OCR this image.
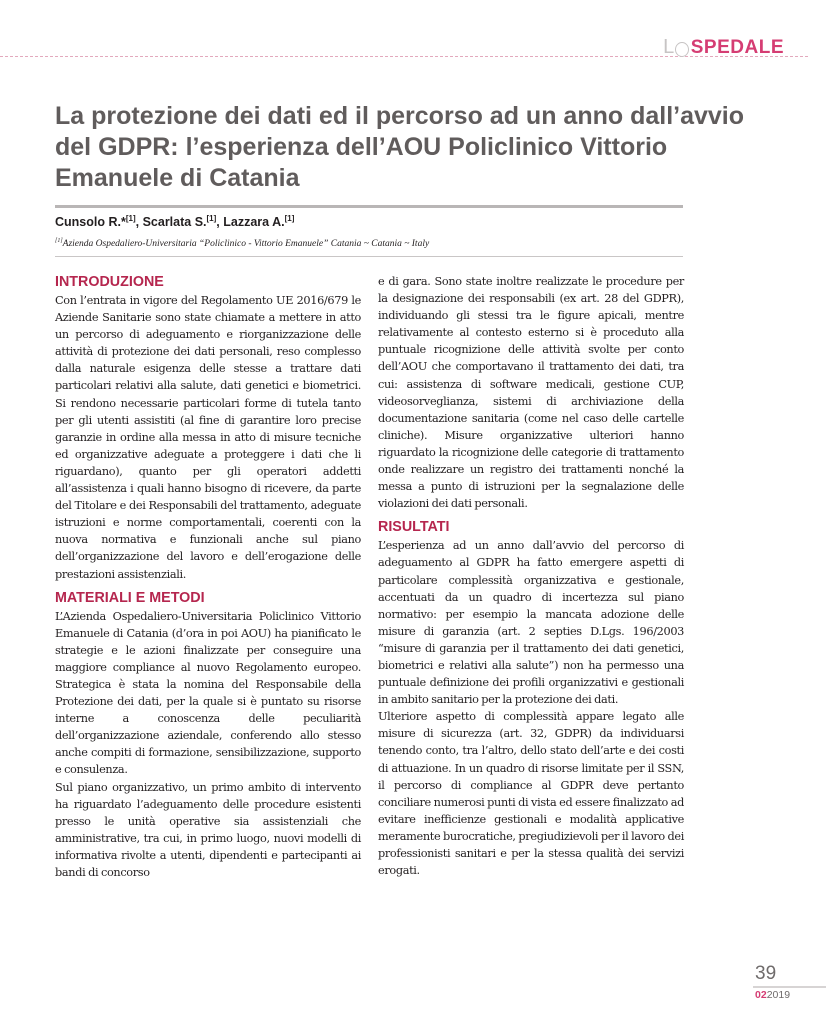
L SPEDALE
La protezione dei dati ed il percorso ad un anno dall’avvio del GDPR: l’esperienza dell’AOU Policlinico Vittorio Emanuele di Catania
Cunsolo R.*[1], Scarlata S.[1], Lazzara A.[1]
[1]Azienda Ospedaliero-Universitaria “Policlinico - Vittorio Emanuele” Catania ~ Catania ~ Italy
INTRODUZIONE

Con l’entrata in vigore del Regolamento UE 2016/679 le Aziende Sanitarie sono state chiamate a mettere in atto un percorso di adeguamento e riorganizzazione delle attività di protezione dei dati personali, reso complesso dalla naturale esigenza delle stesse a trattare dati particolari relativi alla salute, dati genetici e biometrici. Si rendono necessarie particolari forme di tutela tanto per gli utenti assistiti (al fine di garantire loro precise garanzie in ordine alla messa in atto di misure tecniche ed organizzative adeguate a proteggere i dati che li riguardano), quanto per gli operatori addetti all’assistenza i quali hanno bisogno di ricevere, da parte del Titolare e dei Responsabili del trattamento, adeguate istruzioni e norme comportamentali, coerenti con la nuova normativa e funzionali anche sul piano dell’organizzazione del lavoro e dell’erogazione delle prestazioni assistenziali.

MATERIALI E METODI

L’Azienda Ospedaliero-Universitaria Policlinico Vittorio Emanuele di Catania (d’ora in poi AOU) ha pianificato le strategie e le azioni finalizzate per conseguire una maggiore compliance al nuovo Regolamento europeo. Strategica è stata la nomina del Responsabile della Protezione dei dati, per la quale si è puntato su risorse interne a conoscenza delle peculiarità dell’organizzazione aziendale, conferendo allo stesso anche compiti di formazione, sensibilizzazione, supporto e consulenza.

Sul piano organizzativo, un primo ambito di intervento ha riguardato l’adeguamento delle procedure esistenti presso le unità operative sia assistenziali che amministrative, tra cui, in primo luogo, nuovi modelli di informativa rivolte a utenti, dipendenti e partecipanti ai bandi di concorso

e di gara. Sono state inoltre realizzate le procedure per la designazione dei responsabili (ex art. 28 del GDPR), individuando gli stessi tra le figure apicali, mentre relativamente al contesto esterno si è proceduto alla puntuale ricognizione delle attività svolte per conto dell’AOU che comportavano il trattamento dei dati, tra cui: assistenza di software medicali, gestione CUP, videosorveglianza, sistemi di archiviazione della documentazione sanitaria (come nel caso delle cartelle cliniche). Misure organizzative ulteriori hanno riguardato la ricognizione delle categorie di trattamento onde realizzare un registro dei trattamenti nonché la messa a punto di istruzioni per la segnalazione delle violazioni dei dati personali.

RISULTATI

L’esperienza ad un anno dall’avvio del percorso di adeguamento al GDPR ha fatto emergere aspetti di particolare complessità organizzativa e gestionale, accentuati da un quadro di incertezza sul piano normativo: per esempio la mancata adozione delle misure di garanzia (art. 2 septies D.Lgs. 196/2003 “misure di garanzia per il trattamento dei dati genetici, biometrici e relativi alla salute”) non ha permesso una puntuale definizione dei profili organizzativi e gestionali in ambito sanitario per la protezione dei dati.

Ulteriore aspetto di complessità appare legato alle misure di sicurezza (art. 32, GDPR) da individuarsi tenendo conto, tra l’altro, dello stato dell’arte e dei costi di attuazione. In un quadro di risorse limitate per il SSN, il percorso di compliance al GDPR deve pertanto conciliare numerosi punti di vista ed essere finalizzato ad evitare inefficienze gestionali e modalità applicative meramente burocratiche, pregiudizievoli per il lavoro dei professionisti sanitari e per la stessa qualità dei servizi erogati.

39
022019
